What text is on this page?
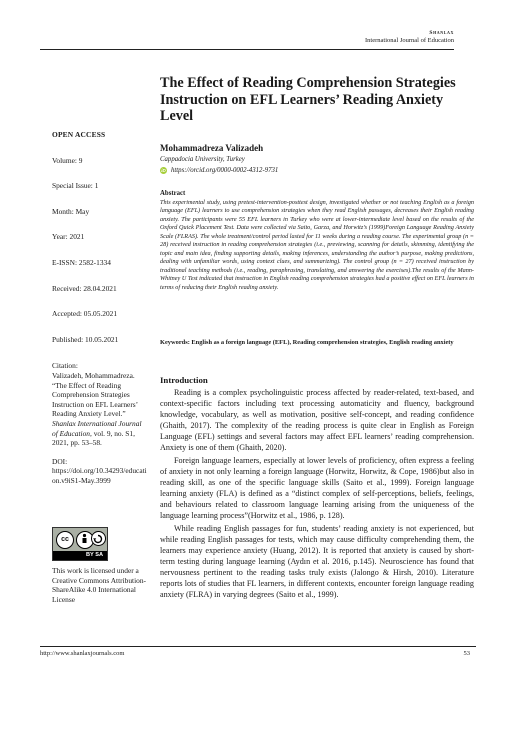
Shanlax
International Journal of Education
The Effect of Reading Comprehension Strategies Instruction on EFL Learners’ Reading Anxiety Level
OPEN ACCESS
Volume: 9
Special Issue: 1
Month: May
Year: 2021
E-ISSN: 2582-1334
Received: 28.04.2021
Accepted: 05.05.2021
Published: 10.05.2021
Citation:
Valizadeh, Mohammadreza. “The Effect of Reading Comprehension Strategies Instruction on EFL Learners’ Reading Anxiety Level.” Shanlax International Journal of Education, vol. 9, no. S1, 2021, pp. 53–58.
DOI:
https://doi.org/10.34293/education.v9iS1-May.3999
cc
BY SA
This work is licensed under a Creative Commons Attribution-ShareAlike 4.0 International License
Mohammadreza Valizadeh
Cappadocia University, Turkey
iD https://orcid.org/0000-0002-4312-9731
Abstract
This experimental study, using pretest-intervention-posttest design, investigated whether or not teaching English as a foreign language (EFL) learners to use comprehension strategies when they read English passages, decreases their English reading anxiety. The participants were 55 EFL learners in Turkey who were at lower-intermediate level based on the results of the Oxford Quick Placement Test. Data were collected via Saito, Garza, and Horwitz’s (1999)Foreign Language Reading Anxiety Scale (FLRAS). The whole treatment/control period lasted for 11 weeks during a reading course. The experimental group (n = 28) received instruction in reading comprehension strategies (i.e., previewing, scanning for details, skimming, identifying the topic and main idea, finding supporting details, making inferences, understanding the author’s purpose, making predictions, dealing with unfamiliar words, using context clues, and summarizing). The control group (n = 27) received instruction by traditional teaching methods (i.e., reading, paraphrasing, translating, and answering the exercises).The results of the Mann-Whitney U Test indicated that instruction in English reading comprehension strategies had a positive effect on EFL learners in terms of reducing their English reading anxiety.
Keywords: English as a foreign language (EFL), Reading comprehension strategies, English reading anxiety
Introduction

Reading is a complex psycholinguistic process affected by reader-related, text-based, and context-specific factors including text processing automaticity and fluency, background knowledge, vocabulary, as well as motivation, positive self-concept, and reading confidence (Ghaith, 2017). The complexity of the reading process is quite clear in English as Foreign Language (EFL) settings and several factors may affect EFL learners’ reading comprehension. Anxiety is one of them (Ghaith, 2020).

Foreign language learners, especially at lower levels of proficiency, often express a feeling of anxiety in not only learning a foreign language (Horwitz, Horwitz, & Cope, 1986)but also in reading skill, as one of the specific language skills (Saito et al., 1999). Foreign language learning anxiety (FLA) is defined as a “distinct complex of self-perceptions, beliefs, feelings, and behaviours related to classroom language learning arising from the uniqueness of the language learning process”(Horwitz et al., 1986, p. 128).

While reading English passages for fun, students’ reading anxiety is not experienced, but while reading English passages for tests, which may cause difficulty comprehending them, the learners may experience anxiety (Huang, 2012). It is reported that anxiety is caused by short-term testing during language learning (Aydın et al. 2016, p.145). Neuroscience has found that nervousness pertinent to the reading tasks truly exists (Jalongo & Hirsh, 2010). Literature reports lots of studies that FL learners, in different contexts, encounter foreign language reading anxiety (FLRA) in varying degrees (Saito et al., 1999).

http://www.shanlaxjournals.com	53
